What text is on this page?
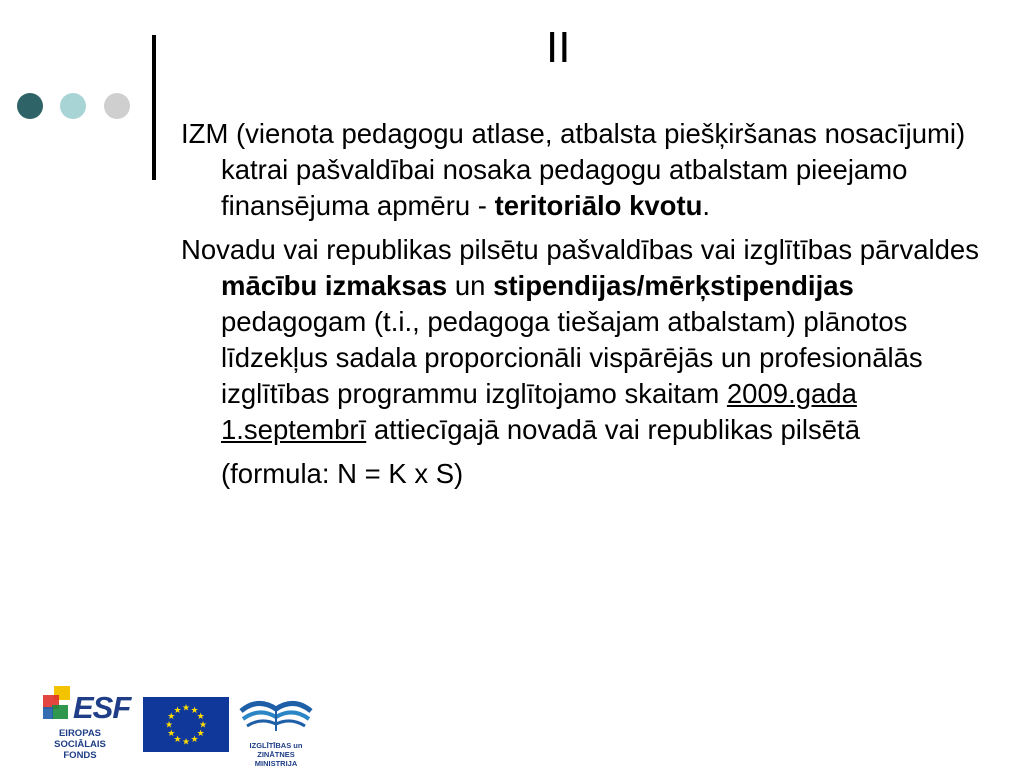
II

IZM (vienota pedagogu atlase, atbalsta piešķiršanas nosacījumi) katrai pašvaldībai nosaka pedagogu atbalstam pieejamo finansējuma apmēru - teritoriālo kvotu.

Novadu vai republikas pilsētu pašvaldības vai izglītības pārvaldes mācību izmaksas un stipendijas/mērķstipendijas pedagogam (t.i., pedagoga tiešajam atbalstam) plānotos līdzekļus sadala proporcionāli vispārējās un profesionālās izglītības programmu izglītojamo skaitam 2009.gada 1.septembrī attiecīgajā novadā vai republikas pilsētā

(formula: N = K x S)

ESF
EIROPAS SOCIĀLAIS
FONDS
★ ★
★
★
★
★
★
★
★
★
★
★
IZGLĪTĪBAS un ZINĀTNES
MINISTRIJA
